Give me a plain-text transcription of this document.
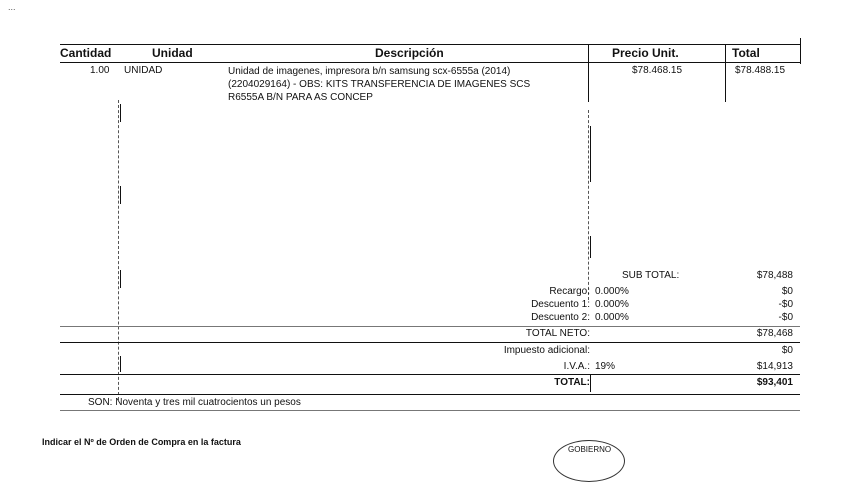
...
Cantidad	Unidad	Descripción	Precio Unit.	Total
1.00 UNIDAD	Unidad de imagenes, impresora b/n samsung scx-6555a (2014)
(2204029164) - OBS: KITS TRANSFERENCIA DE IMAGENES SCS
R6555A B/N PARA AS CONCEP
$78.468.15	$78.488.15
SUB TOTAL:	$78,488
Recargo: 0.000%	$0
Descuento 1: 0.000%	-$0
Descuento 2: 0.000%	-$0
TOTAL NETO:	$78,468
Impuesto adicional:	$0
I.V.A.: 19%	$14,913
TOTAL:	$93,401
SON: Noventa y tres mil cuatrocientos un pesos
Indicar el Nº de Orden de Compra en la factura
GOBIERNO
